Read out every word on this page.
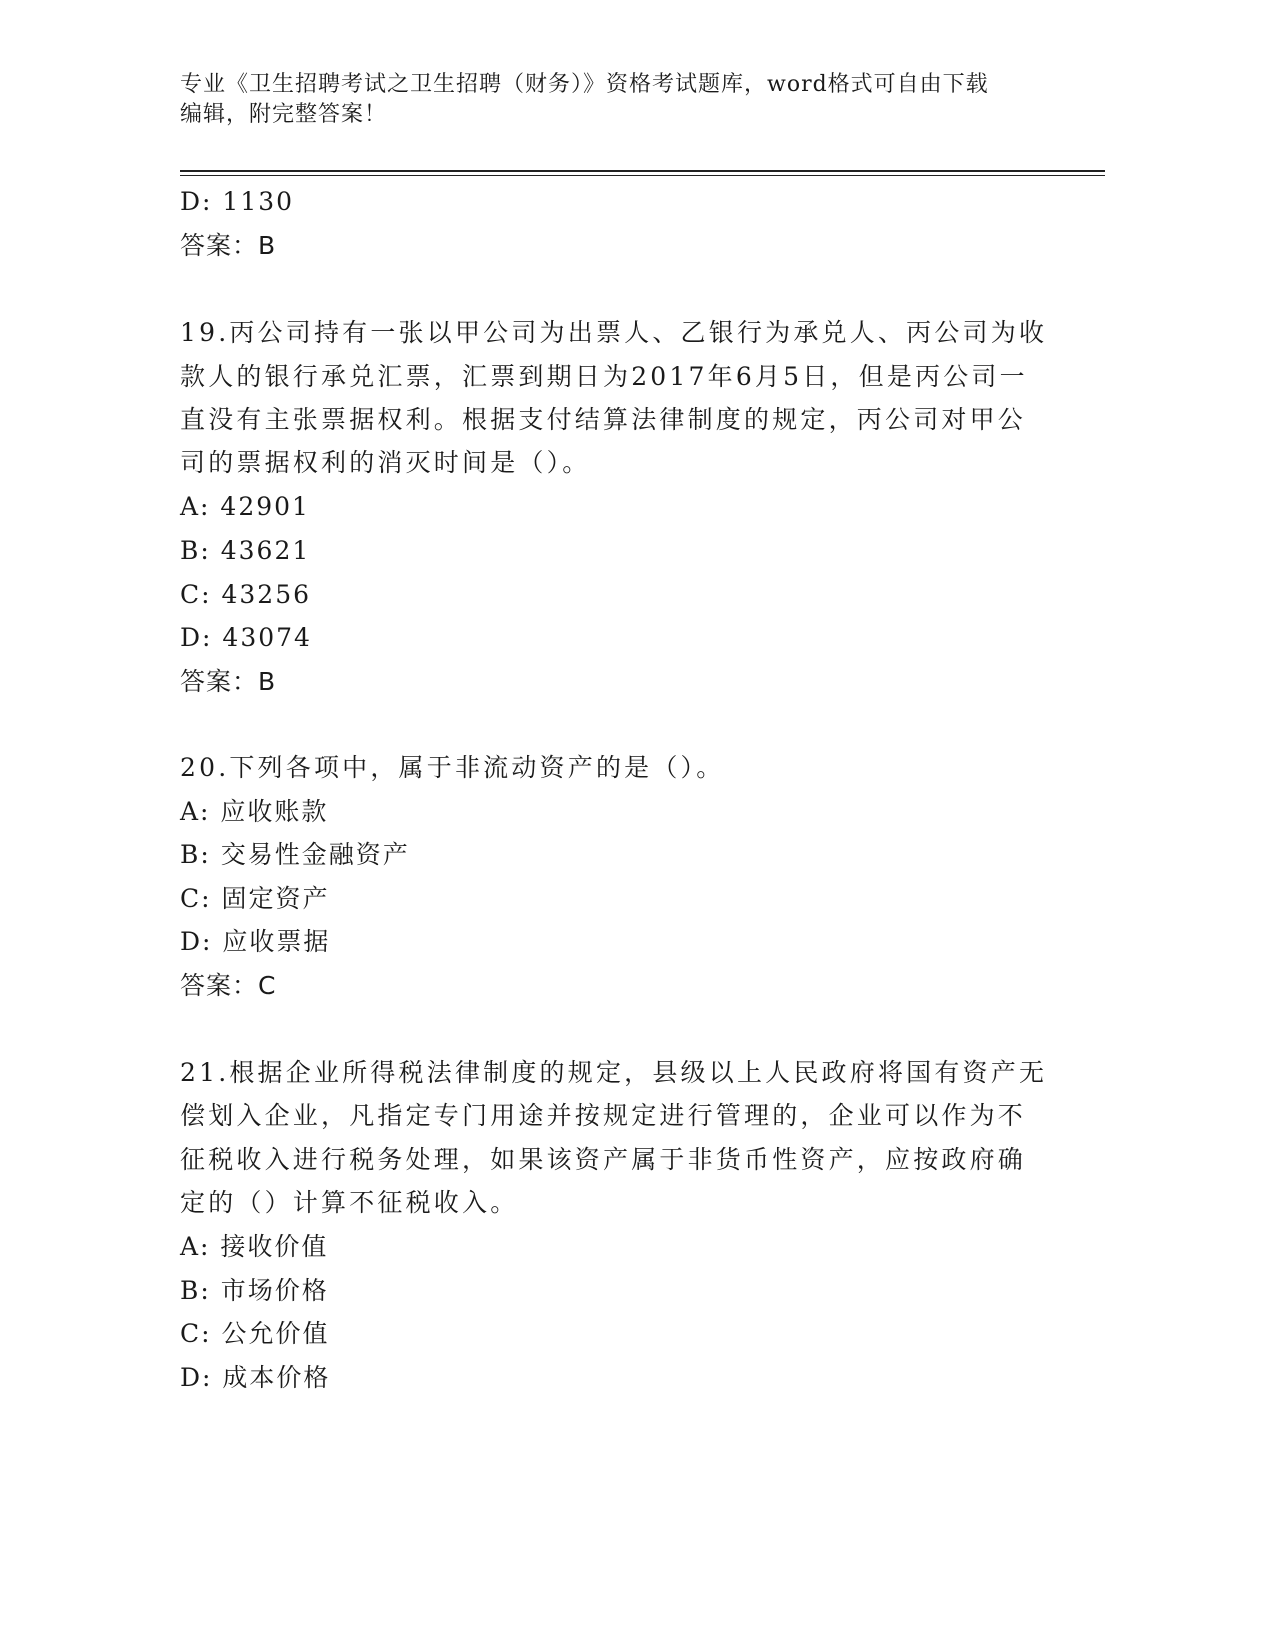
专业《卫生招聘考试之卫生招聘（财务）》资格考试题库，word格式可自由下载
编辑，附完整答案！
D: 1130
答案：B
19.丙公司持有一张以甲公司为出票人、乙银行为承兑人、丙公司为收
款人的银行承兑汇票，汇票到期日为2017年6月5日，但是丙公司一
直没有主张票据权利。根据支付结算法律制度的规定，丙公司对甲公
司的票据权利的消灭时间是（）。
A: 42901
B: 43621
C: 43256
D: 43074
答案：B
20.下列各项中，属于非流动资产的是（）。
A: 应收账款
B: 交易性金融资产
C: 固定资产
D: 应收票据
答案：C
21.根据企业所得税法律制度的规定，县级以上人民政府将国有资产无
偿划入企业，凡指定专门用途并按规定进行管理的，企业可以作为不
征税收入进行税务处理，如果该资产属于非货币性资产，应按政府确
定的（）计算不征税收入。
A: 接收价值
B: 市场价格
C: 公允价值
D: 成本价格
